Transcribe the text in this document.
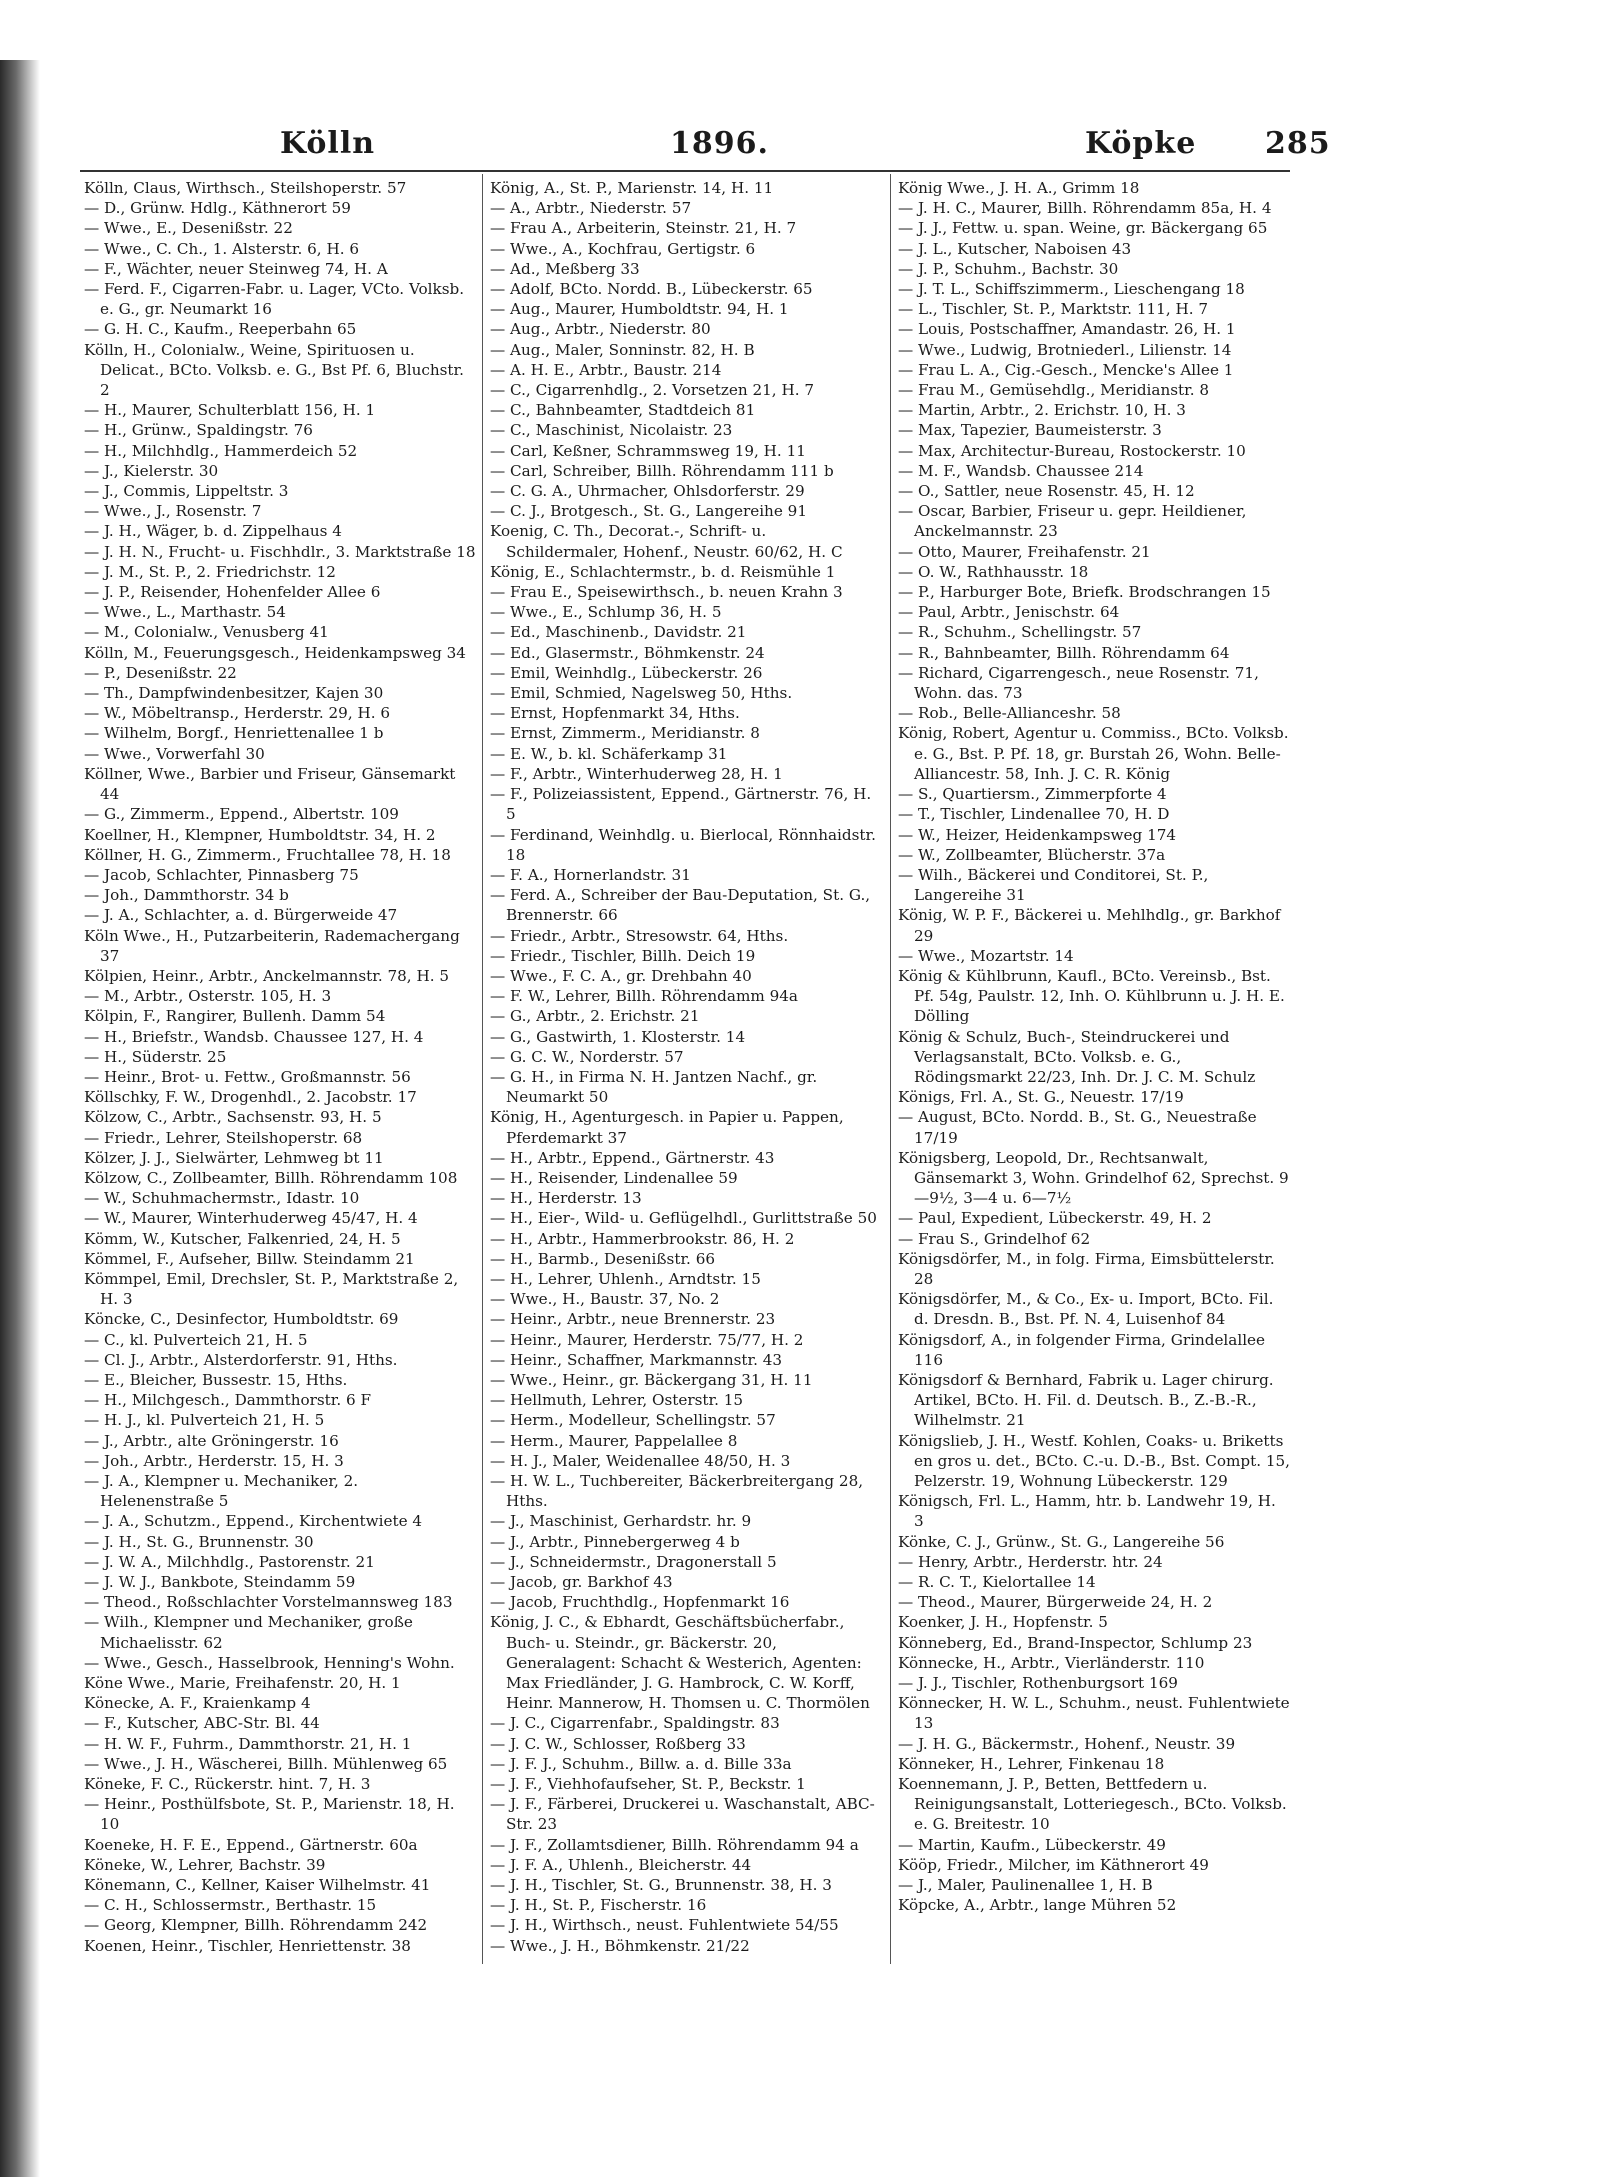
Kölln	1896.	Köpke 285

Kölln, Claus, Wirthsch., Steilshoperstr. 57

— D., Grünw. Hdlg., Käthnerort 59

— Wwe., E., Desenißstr. 22

— Wwe., C. Ch., 1. Alsterstr. 6, H. 6

— F., Wächter, neuer Steinweg 74, H. A

— Ferd. F., Cigarren-Fabr. u. Lager, VCto. Volksb. e. G., gr. Neumarkt 16

— G. H. C., Kaufm., Reeperbahn 65

Kölln, H., Colonialw., Weine, Spirituosen u. Delicat., BCto. Volksb. e. G., Bst Pf. 6, Bluchstr. 2

— H., Maurer, Schulterblatt 156, H. 1

— H., Grünw., Spaldingstr. 76

— H., Milchhdlg., Hammerdeich 52

— J., Kielerstr. 30

— J., Commis, Lippeltstr. 3

— Wwe., J., Rosenstr. 7

— J. H., Wäger, b. d. Zippelhaus 4

— J. H. N., Frucht- u. Fischhdlr., 3. Marktstraße 18

— J. M., St. P., 2. Friedrichstr. 12

— J. P., Reisender, Hohenfelder Allee 6

— Wwe., L., Marthastr. 54

— M., Colonialw., Venusberg 41

Kölln, M., Feuerungsgesch., Heidenkampsweg 34

— P., Desenißstr. 22

— Th., Dampfwindenbesitzer, Kajen 30

— W., Möbeltransp., Herderstr. 29, H. 6

— Wilhelm, Borgf., Henriettenallee 1 b

— Wwe., Vorwerfahl 30

Köllner, Wwe., Barbier und Friseur, Gänsemarkt 44

— G., Zimmerm., Eppend., Albertstr. 109

Koellner, H., Klempner, Humboldtstr. 34, H. 2

Köllner, H. G., Zimmerm., Fruchtallee 78, H. 18

— Jacob, Schlachter, Pinnasberg 75

— Joh., Dammthorstr. 34 b

— J. A., Schlachter, a. d. Bürgerweide 47

Köln Wwe., H., Putzarbeiterin, Rademachergang 37

Kölpien, Heinr., Arbtr., Anckelmannstr. 78, H. 5

— M., Arbtr., Osterstr. 105, H. 3

Kölpin, F., Rangirer, Bullenh. Damm 54

— H., Briefstr., Wandsb. Chaussee 127, H. 4

— H., Süderstr. 25

— Heinr., Brot- u. Fettw., Großmannstr. 56

Köllschky, F. W., Drogenhdl., 2. Jacobstr. 17

Kölzow, C., Arbtr., Sachsenstr. 93, H. 5

— Friedr., Lehrer, Steilshoperstr. 68

Kölzer, J. J., Sielwärter, Lehmweg bt 11

Kölzow, C., Zollbeamter, Billh. Röhrendamm 108

— W., Schuhmachermstr., Idastr. 10

— W., Maurer, Winterhuderweg 45/47, H. 4

Kömm, W., Kutscher, Falkenried, 24, H. 5

Kömmel, F., Aufseher, Billw. Steindamm 21

Kömmpel, Emil, Drechsler, St. P., Marktstraße 2, H. 3

Köncke, C., Desinfector, Humboldtstr. 69

— C., kl. Pulverteich 21, H. 5

— Cl. J., Arbtr., Alsterdorferstr. 91, Hths.

— E., Bleicher, Bussestr. 15, Hths.

— H., Milchgesch., Dammthorstr. 6 F

— H. J., kl. Pulverteich 21, H. 5

— J., Arbtr., alte Gröningerstr. 16

— Joh., Arbtr., Herderstr. 15, H. 3

— J. A., Klempner u. Mechaniker, 2. Helenenstraße 5

— J. A., Schutzm., Eppend., Kirchentwiete 4

— J. H., St. G., Brunnenstr. 30

— J. W. A., Milchhdlg., Pastorenstr. 21

— J. W. J., Bankbote, Steindamm 59

— Theod., Roßschlachter Vorstelmannsweg 183

— Wilh., Klempner und Mechaniker, große Michaelisstr. 62

— Wwe., Gesch., Hasselbrook, Henning's Wohn.

Köne Wwe., Marie, Freihafenstr. 20, H. 1

Könecke, A. F., Kraienkamp 4

— F., Kutscher, ABC-Str. Bl. 44

— H. W. F., Fuhrm., Dammthorstr. 21, H. 1

— Wwe., J. H., Wäscherei, Billh. Mühlenweg 65

Köneke, F. C., Rückerstr. hint. 7, H. 3

— Heinr., Posthülfsbote, St. P., Marienstr. 18, H. 10

Koeneke, H. F. E., Eppend., Gärtnerstr. 60a

Köneke, W., Lehrer, Bachstr. 39

Könemann, C., Kellner, Kaiser Wilhelmstr. 41

— C. H., Schlossermstr., Berthastr. 15

— Georg, Klempner, Billh. Röhrendamm 242

Koenen, Heinr., Tischler, Henriettenstr. 38

König, A., St. P., Marienstr. 14, H. 11

— A., Arbtr., Niederstr. 57

— Frau A., Arbeiterin, Steinstr. 21, H. 7

— Wwe., A., Kochfrau, Gertigstr. 6

— Ad., Meßberg 33

— Adolf, BCto. Nordd. B., Lübeckerstr. 65

— Aug., Maurer, Humboldtstr. 94, H. 1

— Aug., Arbtr., Niederstr. 80

— Aug., Maler, Sonninstr. 82, H. B

— A. H. E., Arbtr., Baustr. 214

— C., Cigarrenhdlg., 2. Vorsetzen 21, H. 7

— C., Bahnbeamter, Stadtdeich 81

— C., Maschinist, Nicolaistr. 23

— Carl, Keßner, Schrammsweg 19, H. 11

— Carl, Schreiber, Billh. Röhrendamm 111 b

— C. G. A., Uhrmacher, Ohlsdorferstr. 29

— C. J., Brotgesch., St. G., Langereihe 91

Koenig, C. Th., Decorat.-, Schrift- u. Schildermaler, Hohenf., Neustr. 60/62, H. C

König, E., Schlachtermstr., b. d. Reismühle 1

— Frau E., Speisewirthsch., b. neuen Krahn 3

— Wwe., E., Schlump 36, H. 5

— Ed., Maschinenb., Davidstr. 21

— Ed., Glasermstr., Böhmkenstr. 24

— Emil, Weinhdlg., Lübeckerstr. 26

— Emil, Schmied, Nagelsweg 50, Hths.

— Ernst, Hopfenmarkt 34, Hths.

— Ernst, Zimmerm., Meridianstr. 8

— E. W., b. kl. Schäferkamp 31

— F., Arbtr., Winterhuderweg 28, H. 1

— F., Polizeiassistent, Eppend., Gärtnerstr. 76, H. 5

— Ferdinand, Weinhdlg. u. Bierlocal, Rönnhaidstr. 18

— F. A., Hornerlandstr. 31

— Ferd. A., Schreiber der Bau-Deputation, St. G., Brennerstr. 66

— Friedr., Arbtr., Stresowstr. 64, Hths.

— Friedr., Tischler, Billh. Deich 19

— Wwe., F. C. A., gr. Drehbahn 40

— F. W., Lehrer, Billh. Röhrendamm 94a

— G., Arbtr., 2. Erichstr. 21

— G., Gastwirth, 1. Klosterstr. 14

— G. C. W., Norderstr. 57

— G. H., in Firma N. H. Jantzen Nachf., gr. Neumarkt 50

König, H., Agenturgesch. in Papier u. Pappen, Pferdemarkt 37

— H., Arbtr., Eppend., Gärtnerstr. 43

— H., Reisender, Lindenallee 59

— H., Herderstr. 13

— H., Eier-, Wild- u. Geflügelhdl., Gurlittstraße 50

— H., Arbtr., Hammerbrookstr. 86, H. 2

— H., Barmb., Desenißstr. 66

— H., Lehrer, Uhlenh., Arndtstr. 15

— Wwe., H., Baustr. 37, No. 2

— Heinr., Arbtr., neue Brennerstr. 23

— Heinr., Maurer, Herderstr. 75/77, H. 2

— Heinr., Schaffner, Markmannstr. 43

— Wwe., Heinr., gr. Bäckergang 31, H. 11

— Hellmuth, Lehrer, Osterstr. 15

— Herm., Modelleur, Schellingstr. 57

— Herm., Maurer, Pappelallee 8

— H. J., Maler, Weidenallee 48/50, H. 3

— H. W. L., Tuchbereiter, Bäckerbreitergang 28, Hths.

— J., Maschinist, Gerhardstr. hr. 9

— J., Arbtr., Pinnebergerweg 4 b

— J., Schneidermstr., Dragonerstall 5

— Jacob, gr. Barkhof 43

— Jacob, Fruchthdlg., Hopfenmarkt 16

König, J. C., & Ebhardt, Geschäftsbücherfabr., Buch- u. Steindr., gr. Bäckerstr. 20, Generalagent: Schacht & Westerich, Agenten: Max Friedländer, J. G. Hambrock, C. W. Korff, Heinr. Mannerow, H. Thomsen u. C. Thormölen

— J. C., Cigarrenfabr., Spaldingstr. 83

— J. C. W., Schlosser, Roßberg 33

— J. F. J., Schuhm., Billw. a. d. Bille 33a

— J. F., Viehhofaufseher, St. P., Beckstr. 1

— J. F., Färberei, Druckerei u. Waschanstalt, ABC-Str. 23

— J. F., Zollamtsdiener, Billh. Röhrendamm 94 a

— J. F. A., Uhlenh., Bleicherstr. 44

— J. H., Tischler, St. G., Brunnenstr. 38, H. 3

— J. H., St. P., Fischerstr. 16

— J. H., Wirthsch., neust. Fuhlentwiete 54/55

— Wwe., J. H., Böhmkenstr. 21/22

König Wwe., J. H. A., Grimm 18

— J. H. C., Maurer, Billh. Röhrendamm 85a, H. 4

— J. J., Fettw. u. span. Weine, gr. Bäckergang 65

— J. L., Kutscher, Naboisen 43

— J. P., Schuhm., Bachstr. 30

— J. T. L., Schiffszimmerm., Lieschengang 18

— L., Tischler, St. P., Marktstr. 111, H. 7

— Louis, Postschaffner, Amandastr. 26, H. 1

— Wwe., Ludwig, Brotniederl., Lilienstr. 14

— Frau L. A., Cig.-Gesch., Mencke's Allee 1

— Frau M., Gemüsehdlg., Meridianstr. 8

— Martin, Arbtr., 2. Erichstr. 10, H. 3

— Max, Tapezier, Baumeisterstr. 3

— Max, Architectur-Bureau, Rostockerstr. 10

— M. F., Wandsb. Chaussee 214

— O., Sattler, neue Rosenstr. 45, H. 12

— Oscar, Barbier, Friseur u. gepr. Heildiener, Anckelmannstr. 23

— Otto, Maurer, Freihafenstr. 21

— O. W., Rathhausstr. 18

— P., Harburger Bote, Briefk. Brodschrangen 15

— Paul, Arbtr., Jenischstr. 64

— R., Schuhm., Schellingstr. 57

— R., Bahnbeamter, Billh. Röhrendamm 64

— Richard, Cigarrengesch., neue Rosenstr. 71, Wohn. das. 73

— Rob., Belle-Allianceshr. 58

König, Robert, Agentur u. Commiss., BCto. Volksb. e. G., Bst. P. Pf. 18, gr. Burstah 26, Wohn. Belle-Alliancestr. 58, Inh. J. C. R. König

— S., Quartiersm., Zimmerpforte 4

— T., Tischler, Lindenallee 70, H. D

— W., Heizer, Heidenkampsweg 174

— W., Zollbeamter, Blücherstr. 37a

— Wilh., Bäckerei und Conditorei, St. P., Langereihe 31

König, W. P. F., Bäckerei u. Mehlhdlg., gr. Barkhof 29

— Wwe., Mozartstr. 14

König & Kühlbrunn, Kaufl., BCto. Vereinsb., Bst. Pf. 54g, Paulstr. 12, Inh. O. Kühlbrunn u. J. H. E. Dölling

König & Schulz, Buch-, Steindruckerei und Verlagsanstalt, BCto. Volksb. e. G., Rödingsmarkt 22/23, Inh. Dr. J. C. M. Schulz

Königs, Frl. A., St. G., Neuestr. 17/19

— August, BCto. Nordd. B., St. G., Neuestraße 17/19

Königsberg, Leopold, Dr., Rechtsanwalt, Gänsemarkt 3, Wohn. Grindelhof 62, Sprechst. 9—9½, 3—4 u. 6—7½

— Paul, Expedient, Lübeckerstr. 49, H. 2

— Frau S., Grindelhof 62

Königsdörfer, M., in folg. Firma, Eimsbüttelerstr. 28

Königsdörfer, M., & Co., Ex- u. Import, BCto. Fil. d. Dresdn. B., Bst. Pf. N. 4, Luisenhof 84

Königsdorf, A., in folgender Firma, Grindelallee 116

Königsdorf & Bernhard, Fabrik u. Lager chirurg. Artikel, BCto. H. Fil. d. Deutsch. B., Z.-B.-R., Wilhelmstr. 21

Königslieb, J. H., Westf. Kohlen, Coaks- u. Briketts en gros u. det., BCto. C.-u. D.-B., Bst. Compt. 15, Pelzerstr. 19, Wohnung Lübeckerstr. 129

Königsch, Frl. L., Hamm, htr. b. Landwehr 19, H. 3

Könke, C. J., Grünw., St. G., Langereihe 56

— Henry, Arbtr., Herderstr. htr. 24

— R. C. T., Kielortallee 14

— Theod., Maurer, Bürgerweide 24, H. 2

Koenker, J. H., Hopfenstr. 5

Könneberg, Ed., Brand-Inspector, Schlump 23

Könnecke, H., Arbtr., Vierländerstr. 110

— J. J., Tischler, Rothenburgsort 169

Könnecker, H. W. L., Schuhm., neust. Fuhlentwiete 13

— J. H. G., Bäckermstr., Hohenf., Neustr. 39

Könneker, H., Lehrer, Finkenau 18

Koennemann, J. P., Betten, Bettfedern u. Reinigungsanstalt, Lotteriegesch., BCto. Volksb. e. G. Breitestr. 10

— Martin, Kaufm., Lübeckerstr. 49

Kööp, Friedr., Milcher, im Käthnerort 49

— J., Maler, Paulinenallee 1, H. B

Köpcke, A., Arbtr., lange Mühren 52
